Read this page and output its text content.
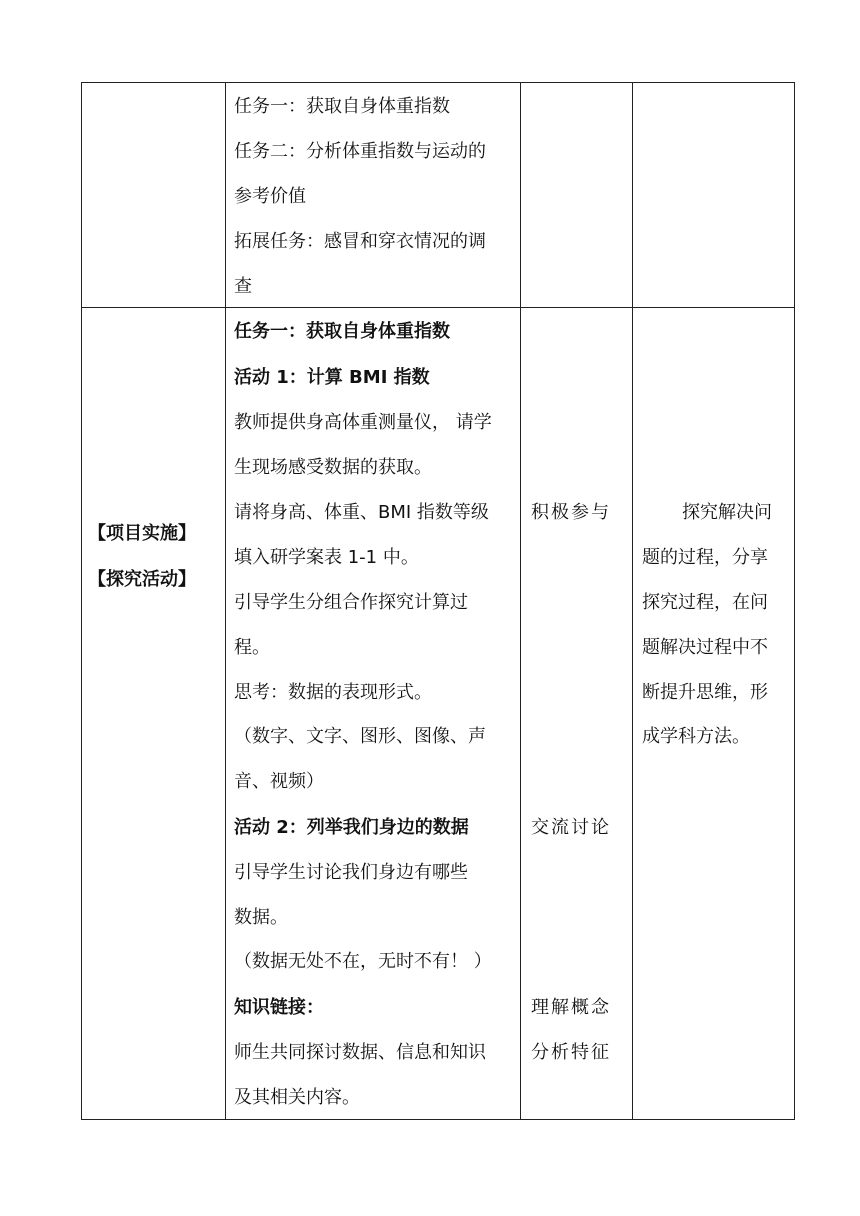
任务一：获取自身体重指数
任务二：分析体重指数与运动的
参考价值
拓展任务：感冒和穿衣情况的调
查
【项目实施】
【探究活动】
任务一：获取自身体重指数
活动 1：计算 BMI 指数
教师提供身高体重测量仪， 请学
生现场感受数据的获取。
请将身高、体重、BMI 指数等级
填入研学案表 1-1 中。
引导学生分组合作探究计算过
程。
思考：数据的表现形式。
（数字、文字、图形、图像、声
音、视频）
活动 2：列举我们身边的数据
引导学生讨论我们身边有哪些
数据。
（数据无处不在，无时不有！ ）
知识链接：
师生共同探讨数据、信息和知识
及其相关内容。
积极参与
交流讨论
理解概念
分析特征
探究解决问
题的过程，分享
探究过程，在问
题解决过程中不
断提升思维，形
成学科方法。
